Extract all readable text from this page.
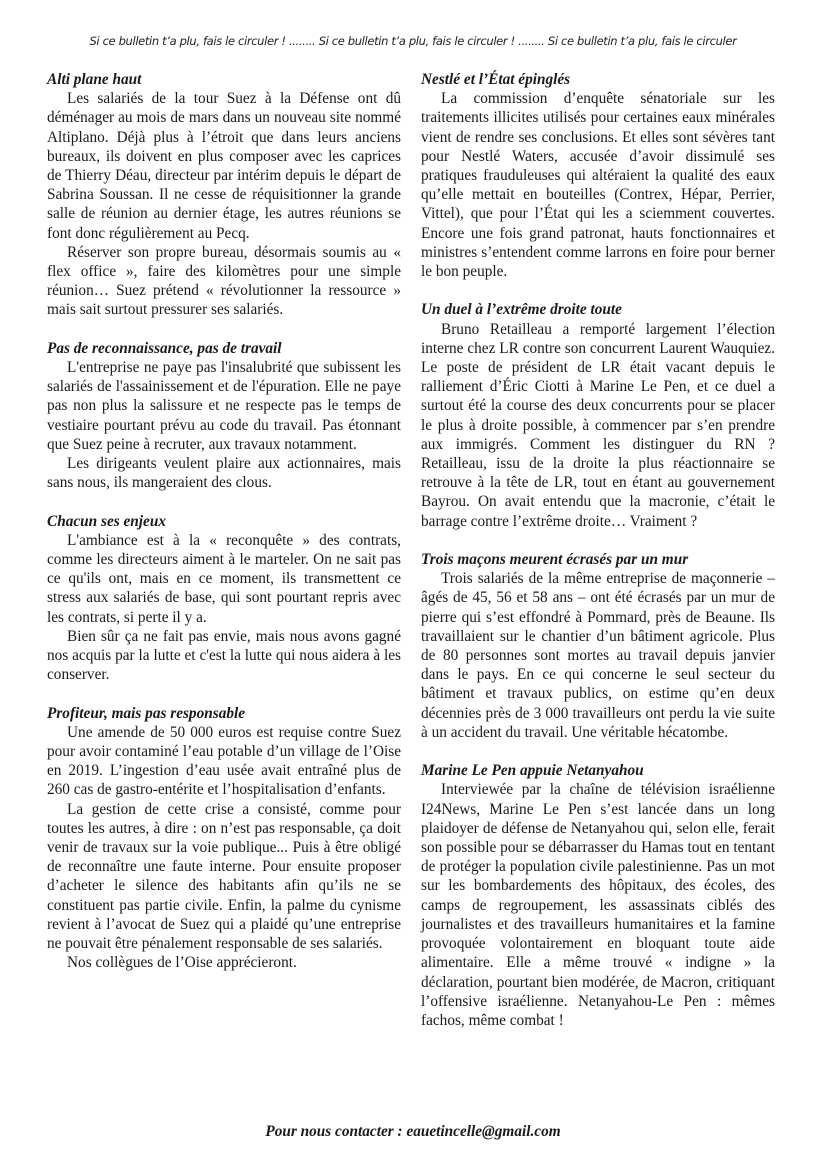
Si ce bulletin t’a plu, fais le circuler ! ........ Si ce bulletin t’a plu, fais le circuler ! ........ Si ce bulletin t’a plu, fais le circuler
Alti plane haut

Les salariés de la tour Suez à la Défense ont dû déménager au mois de mars dans un nouveau site nommé Altiplano. Déjà plus à l’étroit que dans leurs anciens bureaux, ils doivent en plus composer avec les caprices de Thierry Déau, directeur par intérim depuis le départ de Sabrina Soussan. Il ne cesse de réquisitionner la grande salle de réunion au dernier étage, les autres réunions se font donc régulièrement au Pecq.

Réserver son propre bureau, désormais soumis au « flex office », faire des kilomètres pour une simple réunion… Suez prétend « révolutionner la ressource » mais sait surtout pressurer ses salariés.

Pas de reconnaissance, pas de travail

L'entreprise ne paye pas l'insalubrité que subissent les salariés de l'assainissement et de l'épuration. Elle ne paye pas non plus la salissure et ne respecte pas le temps de vestiaire pourtant prévu au code du travail. Pas étonnant que Suez peine à recruter, aux travaux notamment.

Les dirigeants veulent plaire aux actionnaires, mais sans nous, ils mangeraient des clous.

Chacun ses enjeux

L'ambiance est à la « reconquête » des contrats, comme les directeurs aiment à le marteler. On ne sait pas ce qu'ils ont, mais en ce moment, ils transmettent ce stress aux salariés de base, qui sont pourtant repris avec les contrats, si perte il y a.

Bien sûr ça ne fait pas envie, mais nous avons gagné nos acquis par la lutte et c'est la lutte qui nous aidera à les conserver.

Profiteur, mais pas responsable

Une amende de 50 000 euros est requise contre Suez pour avoir contaminé l’eau potable d’un village de l’Oise en 2019. L’ingestion d’eau usée avait entraîné plus de 260 cas de gastro-entérite et l’hospitalisation d’enfants.

La gestion de cette crise a consisté, comme pour toutes les autres, à dire : on n’est pas responsable, ça doit venir de travaux sur la voie publique... Puis à être obligé de reconnaître une faute interne. Pour ensuite proposer d’acheter le silence des habitants afin qu’ils ne se constituent pas partie civile. Enfin, la palme du cynisme revient à l’avocat de Suez qui a plaidé qu’une entreprise ne pouvait être pénalement responsable de ses salariés.

Nos collègues de l’Oise apprécieront.

Nestlé et l’État épinglés

La commission d’enquête sénatoriale sur les traitements illicites utilisés pour certaines eaux minérales vient de rendre ses conclusions. Et elles sont sévères tant pour Nestlé Waters, accusée d’avoir dissimulé ses pratiques frauduleuses qui altéraient la qualité des eaux qu’elle mettait en bouteilles (Contrex, Hépar, Perrier, Vittel), que pour l’État qui les a sciemment couvertes. Encore une fois grand patronat, hauts fonctionnaires et ministres s’entendent comme larrons en foire pour berner le bon peuple.

Un duel à l’extrême droite toute

Bruno Retailleau a remporté largement l’élection interne chez LR contre son concurrent Laurent Wauquiez. Le poste de président de LR était vacant depuis le ralliement d’Éric Ciotti à Marine Le Pen, et ce duel a surtout été la course des deux concurrents pour se placer le plus à droite possible, à commencer par s’en prendre aux immigrés. Comment les distinguer du RN ? Retailleau, issu de la droite la plus réactionnaire se retrouve à la tête de LR, tout en étant au gouvernement Bayrou. On avait entendu que la macronie, c’était le barrage contre l’extrême droite… Vraiment ?

Trois maçons meurent écrasés par un mur

Trois salariés de la même entreprise de maçonnerie – âgés de 45, 56 et 58 ans – ont été écrasés par un mur de pierre qui s’est effondré à Pommard, près de Beaune. Ils travaillaient sur le chantier d’un bâtiment agricole. Plus de 80 personnes sont mortes au travail depuis janvier dans le pays. En ce qui concerne le seul secteur du bâtiment et travaux publics, on estime qu’en deux décennies près de 3 000 travailleurs ont perdu la vie suite à un accident du travail. Une véritable hécatombe.

Marine Le Pen appuie Netanyahou

Interviewée par la chaîne de télévision israélienne I24News, Marine Le Pen s’est lancée dans un long plaidoyer de défense de Netanyahou qui, selon elle, ferait son possible pour se débarrasser du Hamas tout en tentant de protéger la population civile palestinienne. Pas un mot sur les bombardements des hôpitaux, des écoles, des camps de regroupement, les assassinats ciblés des journalistes et des travailleurs humanitaires et la famine provoquée volontairement en bloquant toute aide alimentaire. Elle a même trouvé « indigne » la déclaration, pourtant bien modérée, de Macron, critiquant l’offensive israélienne. Netanyahou-Le Pen : mêmes fachos, même combat !

Pour nous contacter : eauetincelle@gmail.com
